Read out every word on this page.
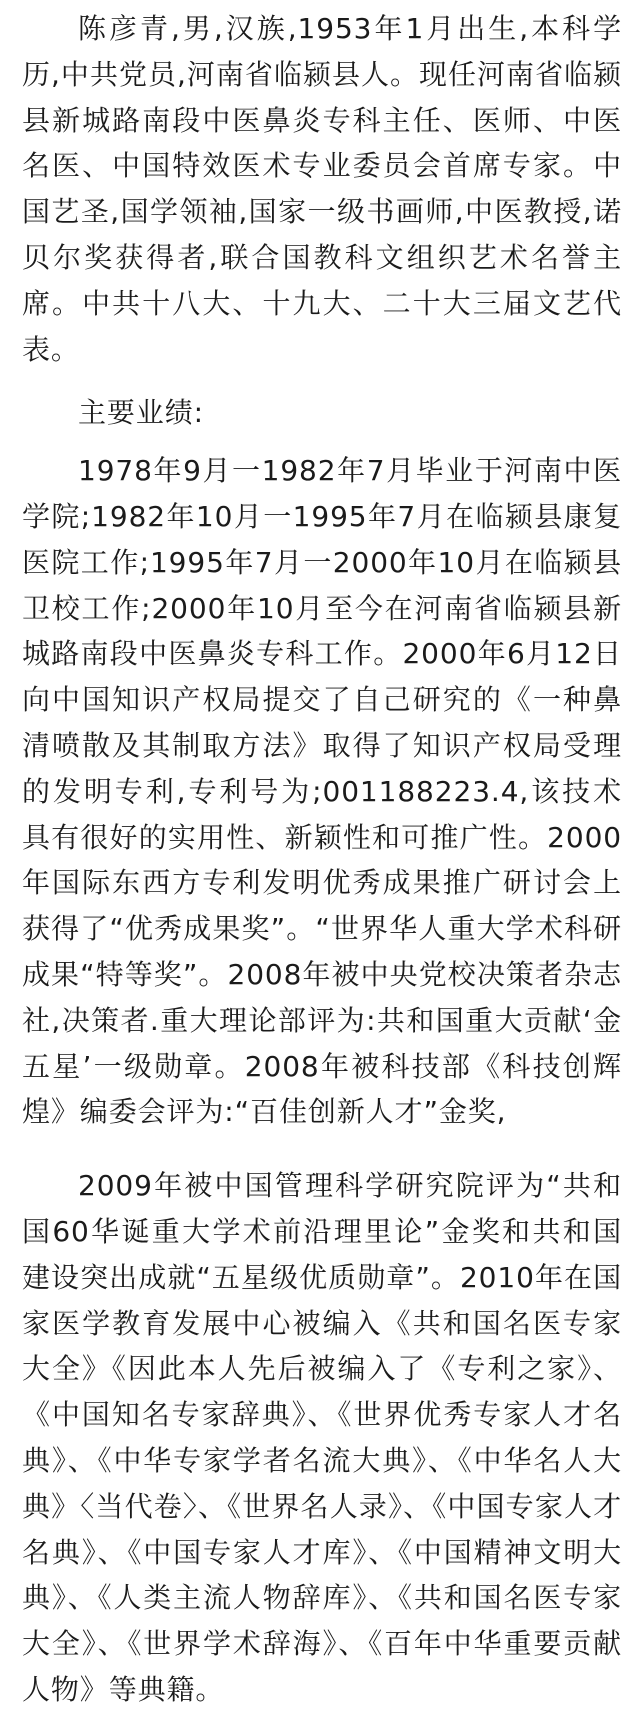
陈彦青,男,汉族,1953年1月出生,本科学历,中共党员,河南省临颍县人。现任河南省临颍县新城路南段中医鼻炎专科主任、医师、中医名医、中国特效医术专业委员会首席专家。中国艺圣,国学领袖,国家一级书画师,中医教授,诺贝尔奖获得者,联合国教科文组织艺术名誉主席。中共十八大、十九大、二十大三届文艺代表。

主要业绩:

1978年9月一1982年7月毕业于河南中医学院;1982年10月一1995年7月在临颍县康复医院工作;1995年7月一2000年10月在临颍县卫校工作;2000年10月至今在河南省临颍县新城路南段中医鼻炎专科工作。2000年6月12日向中国知识产权局提交了自己研究的《一种鼻清喷散及其制取方法》取得了知识产权局受理的发明专利,专利号为;001188223.4,该技术具有很好的实用性、新颖性和可推广性。2000年国际东西方专利发明优秀成果推广研讨会上获得了“优秀成果奖”。“世界华人重大学术科研成果“特等奖”。2008年被中央党校决策者杂志社,决策者.重大理论部评为:共和国重大贡献‘金五星’一级勋章。2008年被科技部《科技创辉煌》编委会评为:“百佳创新人才”金奖,

2009年被中国管理科学研究院评为“共和国60华诞重大学术前沿理里论”金奖和共和国建设突出成就“五星级优质勋章”。2010年在国家医学教育发展中心被编入《共和国名医专家大全》《因此本人先后被编入了《专利之家》、《中国知名专家辞典》、《世界优秀专家人才名典》、《中华专家学者名流大典》、《中华名人大典》〈当代卷〉、《世界名人录》、《中国专家人才名典》、《中国专家人才库》、《中国精神文明大典》、《人类主流人物辞库》、《共和国名医专家大全》、《世界学术辞海》、《百年中华重要贡献人物》等典籍。
